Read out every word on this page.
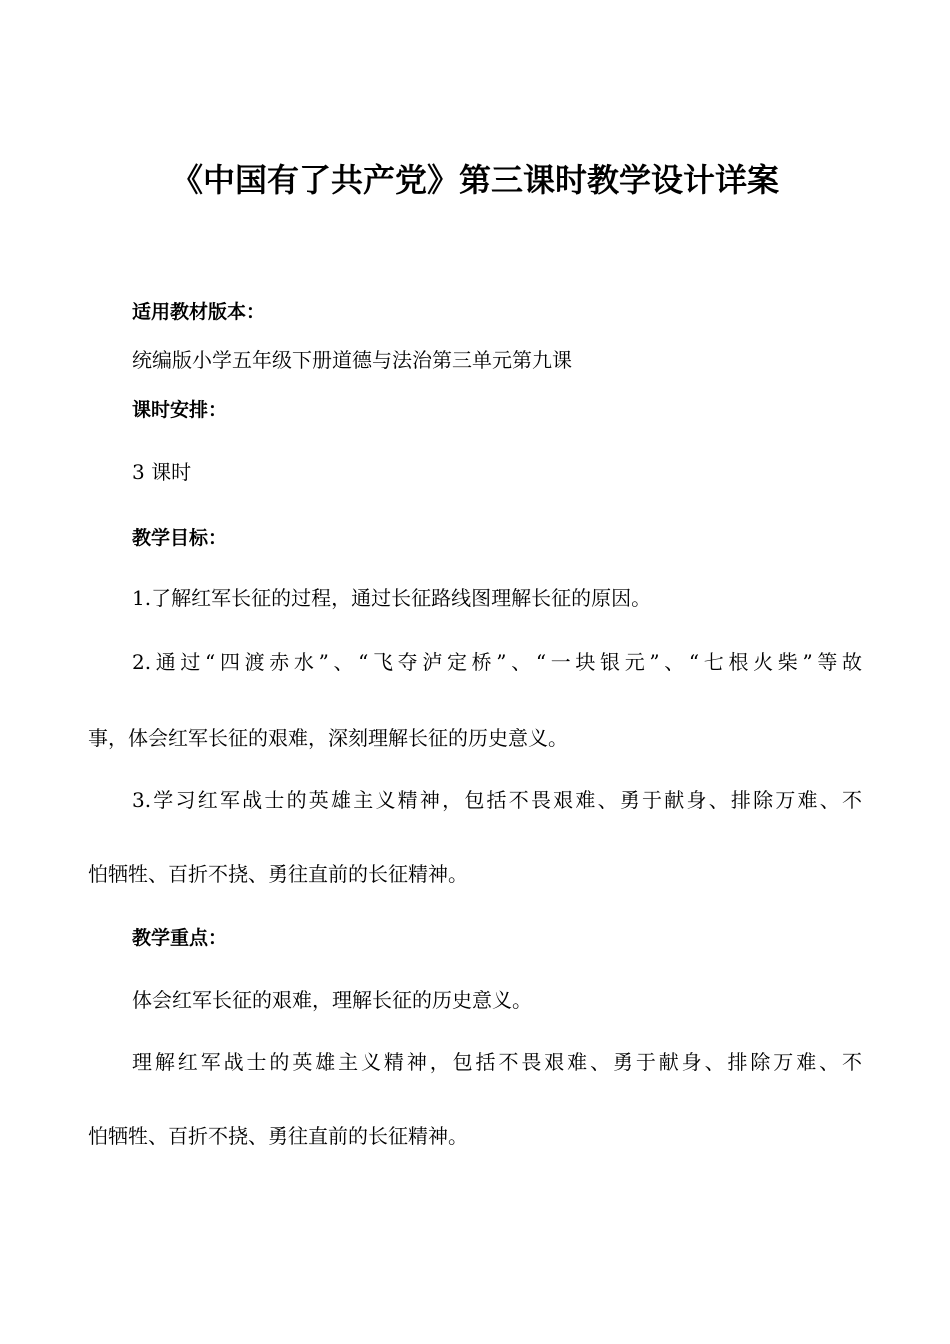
《中国有了共产党》第三课时教学设计详案
适用教材版本：
统编版小学五年级下册道德与法治第三单元第九课
课时安排：
3 课时
教学目标：
1.了解红军长征的过程，通过长征路线图理解长征的原因。
2.通过“四渡赤水”、“飞夺泸定桥”、“一块银元”、“七根火柴”等故
事，体会红军长征的艰难，深刻理解长征的历史意义。
3.学习红军战士的英雄主义精神，包括不畏艰难、勇于献身、排除万难、不
怕牺牲、百折不挠、勇往直前的长征精神。
教学重点：
体会红军长征的艰难，理解长征的历史意义。
理解红军战士的英雄主义精神，包括不畏艰难、勇于献身、排除万难、不
怕牺牲、百折不挠、勇往直前的长征精神。
